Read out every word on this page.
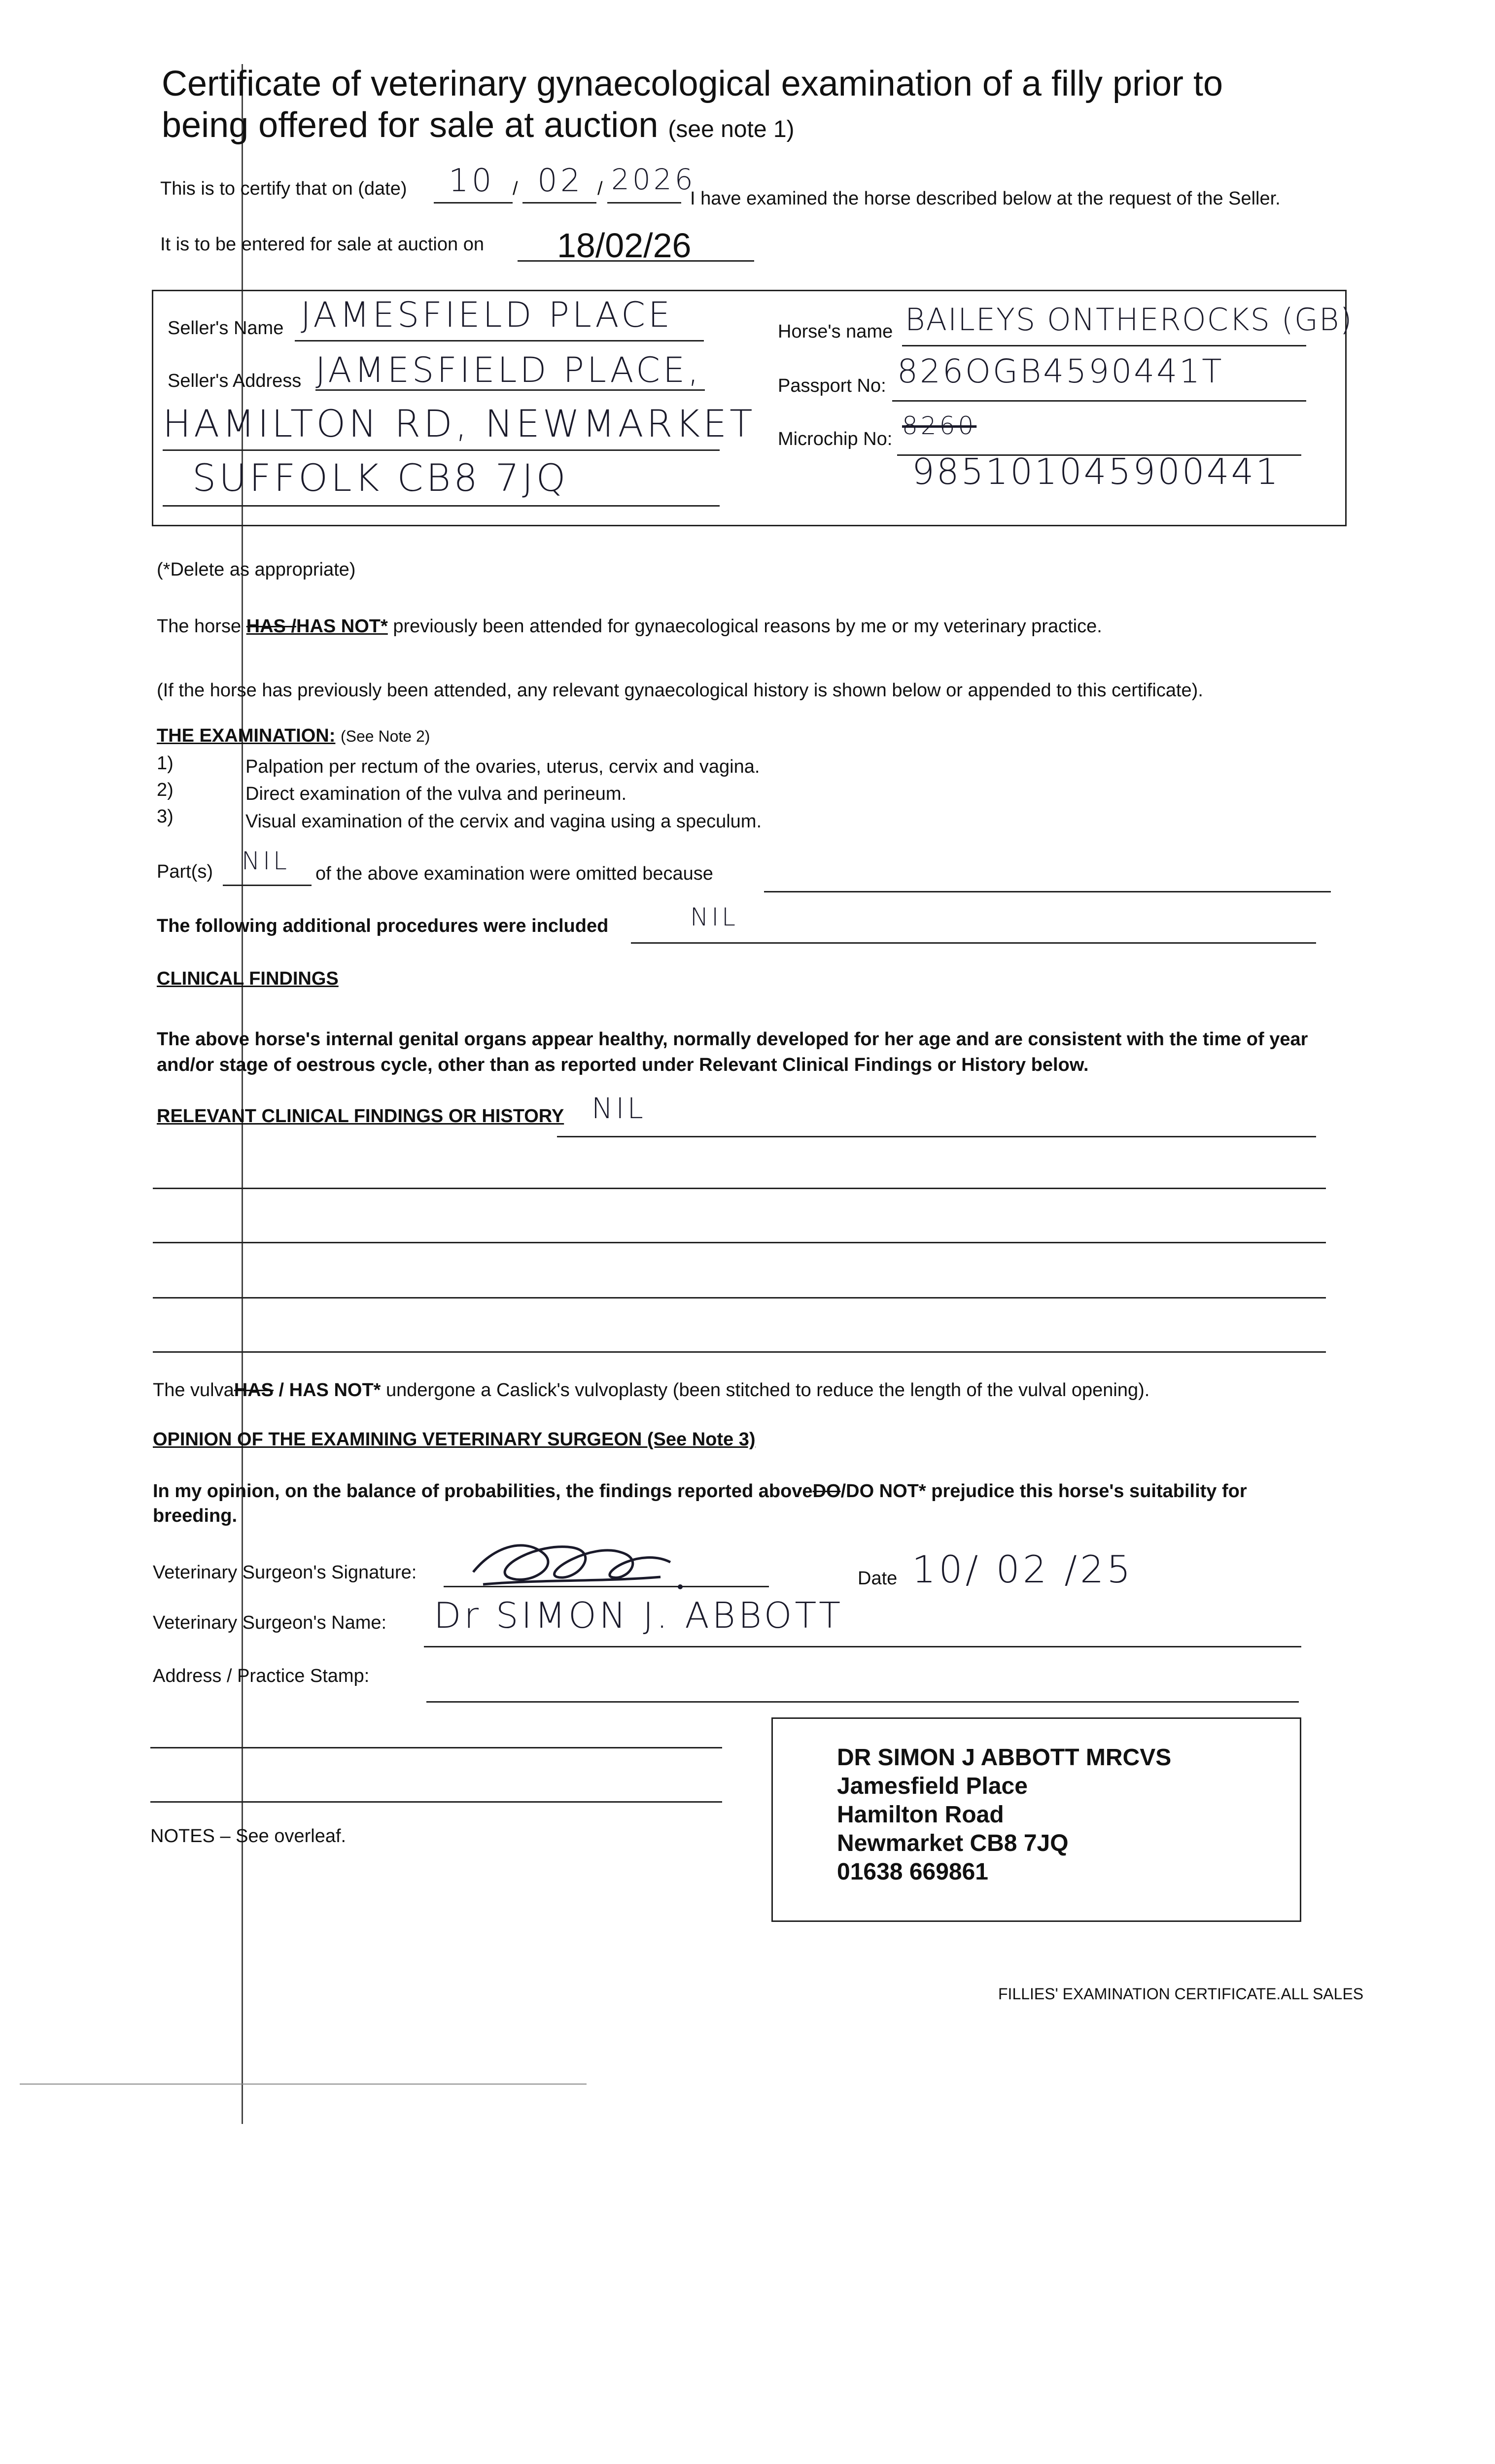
Certificate of veterinary gynaecological examination of a filly prior to
being offered for sale at auction (see note 1)
This is to certify that on (date) 10 / 02 / 2026
I have examined the horse described below at the request of the Seller.
It is to be entered for sale at auction on 18/02/26
Seller's Name JAMESFIELD PLACE
Seller's Address JAMESFIELD PLACE,
HAMILTON RD, NEWMARKET
SUFFOLK CB8 7JQ
Horse's name BAILEYS ONTHEROCKS (GB)
Passport No: 826OGB4590441T
Microchip No: 8260
985101045900441
(*Delete as appropriate)
The horse HAS /HAS NOT* previously been attended for gynaecological reasons by me or my veterinary practice.
(If the horse has previously been attended, any relevant gynaecological history is shown below or appended to this certificate).
THE EXAMINATION: (See Note 2)
1)	Palpation per rectum of the ovaries, uterus, cervix and vagina.
2)	Direct examination of the vulva and perineum.
3)	Visual examination of the cervix and vagina using a speculum.
Part(s) NIL of the above examination were omitted because
The following additional procedures were included	NIL
CLINICAL FINDINGS
The above horse's internal genital organs appear healthy, normally developed for her age and are consistent with the time of year
and/or stage of oestrous cycle, other than as reported under Relevant Clinical Findings or History below.
RELEVANT CLINICAL FINDINGS OR HISTORY NIL
The vulvaHAS / HAS NOT* undergone a Caslick's vulvoplasty (been stitched to reduce the length of the vulval opening).
OPINION OF THE EXAMINING VETERINARY SURGEON (See Note 3)
In my opinion, on the balance of probabilities, the findings reported aboveDO/DO NOT* prejudice this horse's suitability for
breeding.
Veterinary Surgeon's Signature:	Date 10/ 02 /25
Veterinary Surgeon's Name: Dr SIMON J. ABBOTT
Address / Practice Stamp:
DR SIMON J ABBOTT MRCVS
Jamesfield Place
Hamilton Road
Newmarket CB8 7JQ
01638 669861
NOTES – See overleaf.
FILLIES' EXAMINATION CERTIFICATE.ALL SALES
